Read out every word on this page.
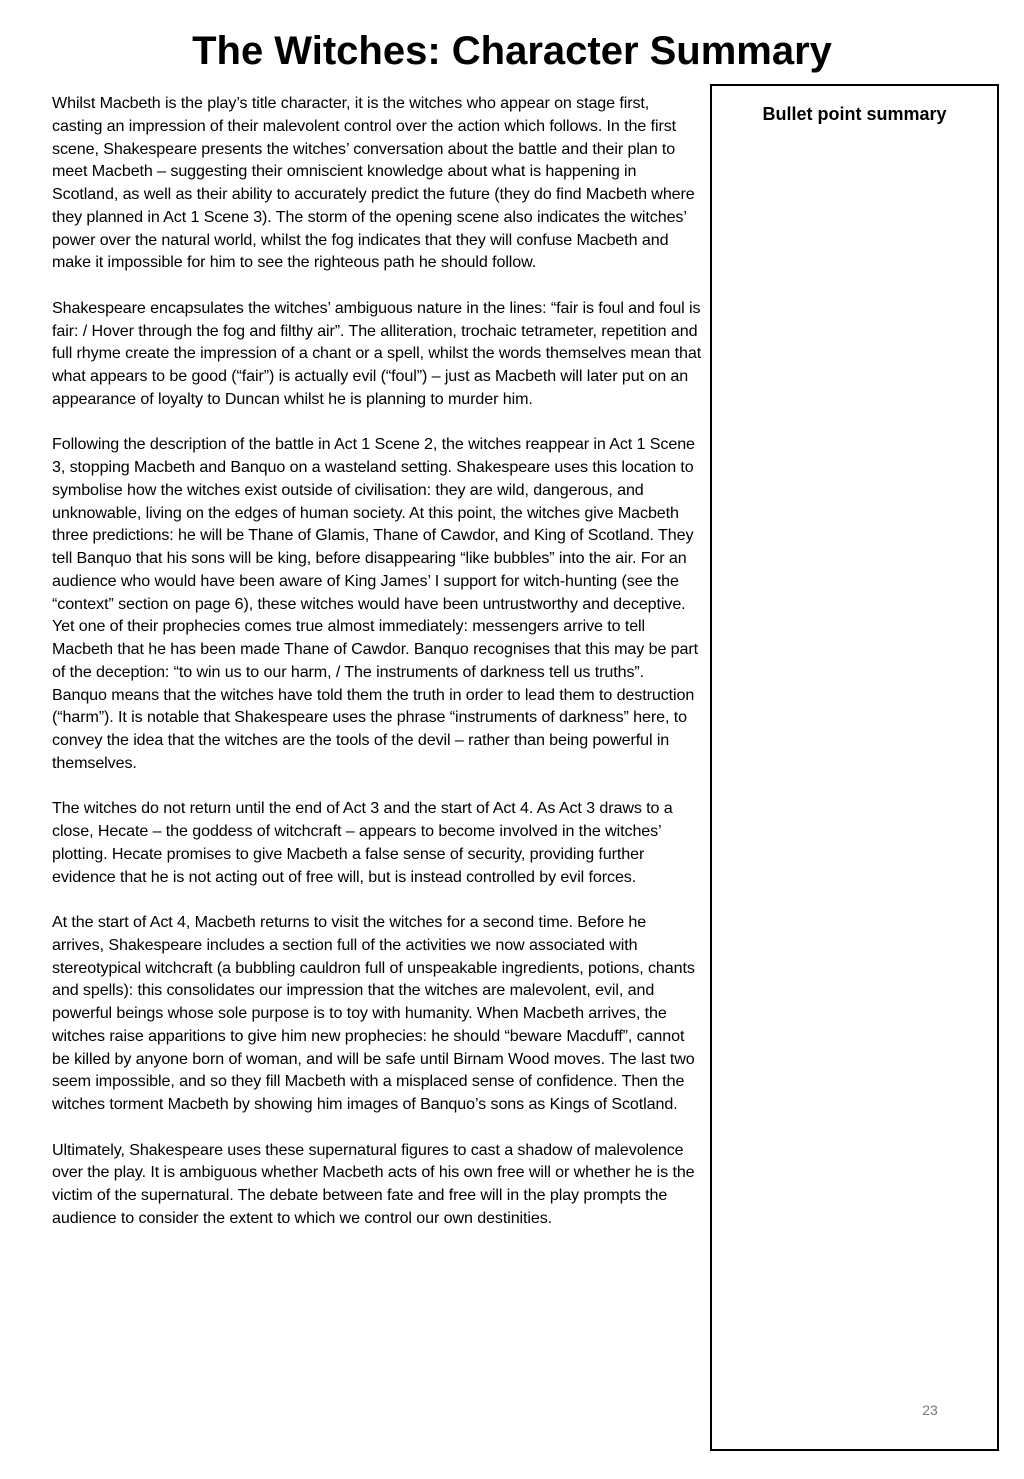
The Witches: Character Summary

Whilst Macbeth is the play’s title character, it is the witches who appear on stage first, casting an impression of their malevolent control over the action which follows. In the first scene, Shakespeare presents the witches’ conversation about the battle and their plan to meet Macbeth – suggesting their omniscient knowledge about what is happening in Scotland, as well as their ability to accurately predict the future (they do find Macbeth where they planned in Act 1 Scene 3). The storm of the opening scene also indicates the witches’ power over the natural world, whilst the fog indicates that they will confuse Macbeth and make it impossible for him to see the righteous path he should follow.

Shakespeare encapsulates the witches’ ambiguous nature in the lines: “fair is foul and foul is fair: / Hover through the fog and filthy air”. The alliteration, trochaic tetrameter, repetition and full rhyme create the impression of a chant or a spell, whilst the words themselves mean that what appears to be good (“fair”) is actually evil (“foul”) – just as Macbeth will later put on an appearance of loyalty to Duncan whilst he is planning to murder him.

Following the description of the battle in Act 1 Scene 2, the witches reappear in Act 1 Scene 3, stopping Macbeth and Banquo on a wasteland setting. Shakespeare uses this location to symbolise how the witches exist outside of civilisation: they are wild, dangerous, and unknowable, living on the edges of human society. At this point, the witches give Macbeth three predictions: he will be Thane of Glamis, Thane of Cawdor, and King of Scotland. They tell Banquo that his sons will be king, before disappearing “like bubbles” into the air. For an audience who would have been aware of King James’ I support for witch-hunting (see the “context” section on page 6), these witches would have been untrustworthy and deceptive. Yet one of their prophecies comes true almost immediately: messengers arrive to tell Macbeth that he has been made Thane of Cawdor. Banquo recognises that this may be part of the deception: “to win us to our harm, / The instruments of darkness tell us truths”. Banquo means that the witches have told them the truth in order to lead them to destruction (“harm”). It is notable that Shakespeare uses the phrase “instruments of darkness” here, to convey the idea that the witches are the tools of the devil – rather than being powerful in themselves.

The witches do not return until the end of Act 3 and the start of Act 4. As Act 3 draws to a close, Hecate – the goddess of witchcraft – appears to become involved in the witches’ plotting. Hecate promises to give Macbeth a false sense of security, providing further evidence that he is not acting out of free will, but is instead controlled by evil forces.

At the start of Act 4, Macbeth returns to visit the witches for a second time. Before he arrives, Shakespeare includes a section full of the activities we now associated with stereotypical witchcraft (a bubbling cauldron full of unspeakable ingredients, potions, chants and spells): this consolidates our impression that the witches are malevolent, evil, and powerful beings whose sole purpose is to toy with humanity. When Macbeth arrives, the witches raise apparitions to give him new prophecies: he should “beware Macduff”, cannot be killed by anyone born of woman, and will be safe until Birnam Wood moves. The last two seem impossible, and so they fill Macbeth with a misplaced sense of confidence. Then the witches torment Macbeth by showing him images of Banquo’s sons as Kings of Scotland.

Ultimately, Shakespeare uses these supernatural figures to cast a shadow of malevolence over the play. It is ambiguous whether Macbeth acts of his own free will or whether he is the victim of the supernatural. The debate between fate and free will in the play prompts the audience to consider the extent to which we control our own destinities.

Bullet point summary
23
